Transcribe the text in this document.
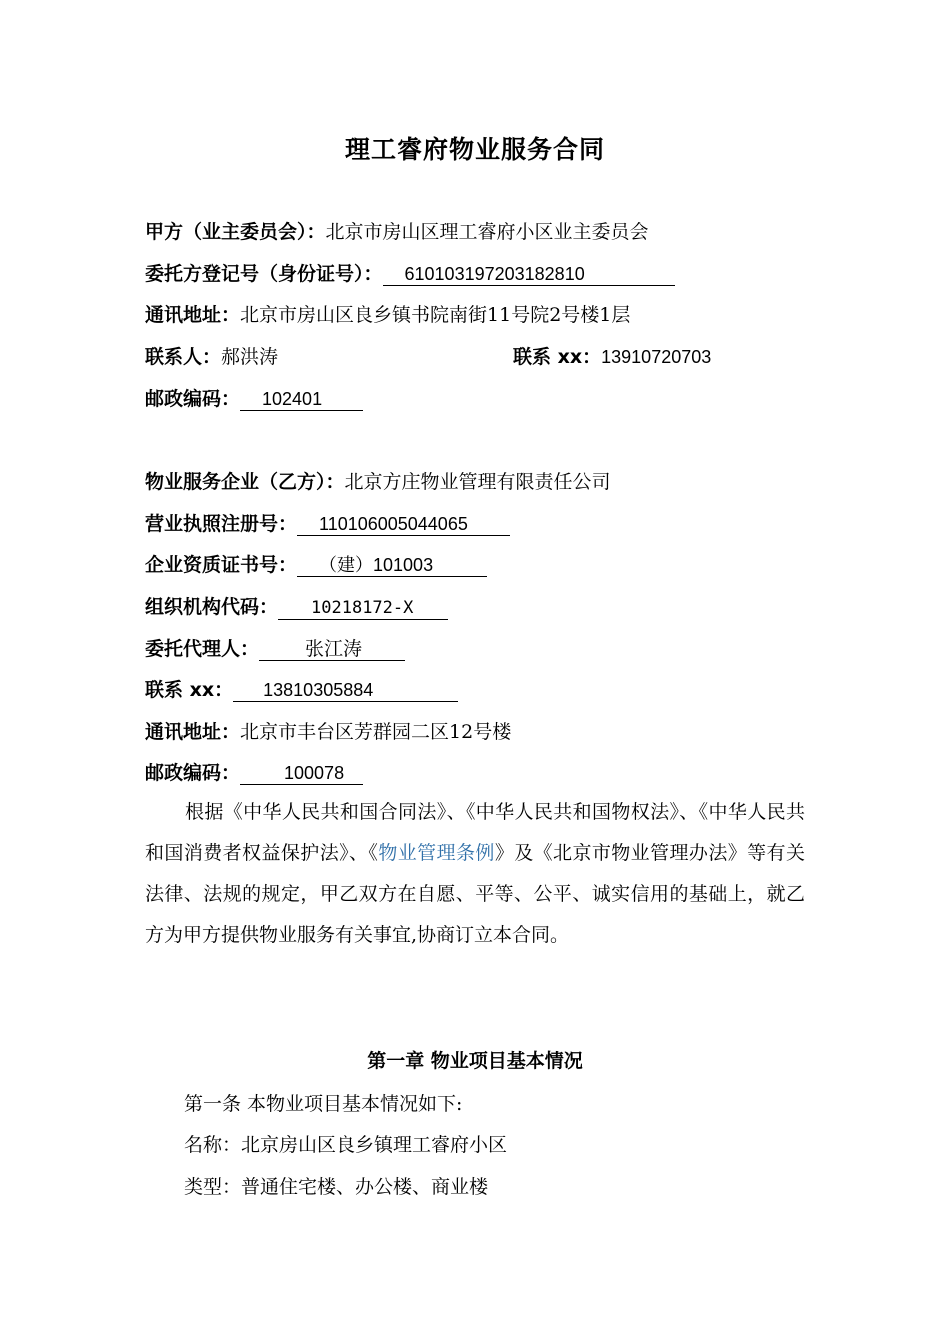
理工睿府物业服务合同
甲方（业主委员会）：北京市房山区理工睿府小区业主委员会
委托方登记号（身份证号）： 610103197203182810
通讯地址：北京市房山区良乡镇书院南街11号院2号楼1层
联系人：郝洪涛	联系 xx：13910720703
邮政编码： 102401
物业服务企业（乙方）：北京方庄物业管理有限责任公司
营业执照注册号： 110106005044065
企业资质证书号： （建）101003
组织机构代码： 10218172-X
委托代理人： 张江涛
联系 xx： 13810305884
通讯地址：北京市丰台区芳群园二区12号楼
邮政编码： 100078
根据《中华人民共和国合同法》、《中华人民共和国物权法》、《中华人民共和国消费者权益保护法》、《物业管理条例》及《北京市物业管理办法》等有关法律、法规的规定，甲乙双方在自愿、平等、公平、诚实信用的基础上，就乙方为甲方提供物业服务有关事宜,协商订立本合同。
第一章 物业项目基本情况
第一条 本物业项目基本情况如下:
名称：北京房山区良乡镇理工睿府小区
类型：普通住宅楼、办公楼、商业楼
